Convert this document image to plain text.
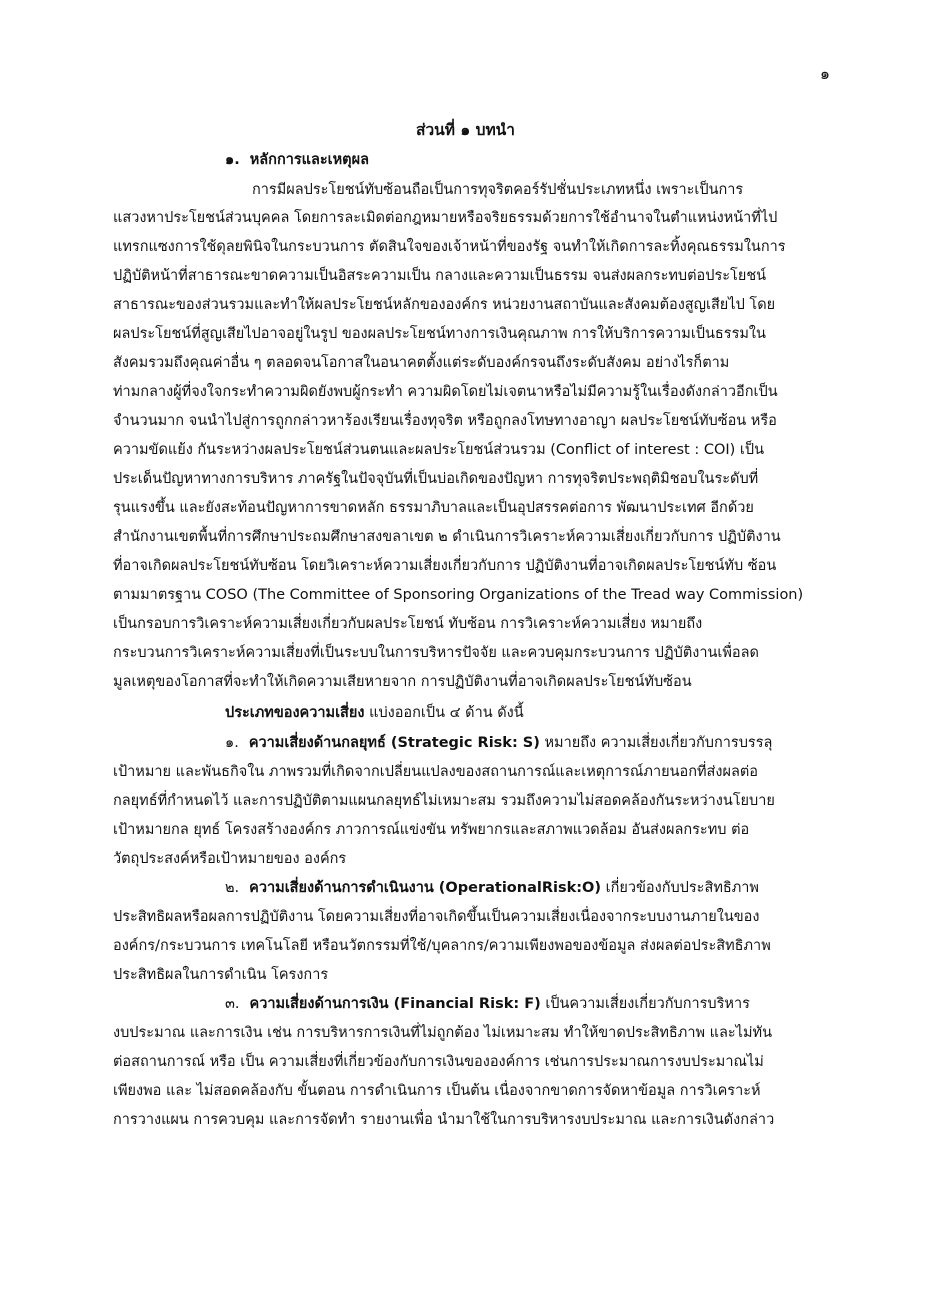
๑
ส่วนที่ ๑ บทนำ
๑. หลักการและเหตุผล
การมีผลประโยชน์ทับซ้อนถือเป็นการทุจริตคอร์รัปชั่นประเภทหนึ่ง เพราะเป็นการ
แสวงหาประโยชน์ส่วนบุคคล โดยการละเมิดต่อกฎหมายหรือจริยธรรมด้วยการใช้อำนาจในตำแหน่งหน้าที่ไป
แทรกแซงการใช้ดุลยพินิจในกระบวนการ ตัดสินใจของเจ้าหน้าที่ของรัฐ จนทำให้เกิดการละทิ้งคุณธรรมในการ
ปฏิบัติหน้าที่สาธารณะขาดความเป็นอิสระความเป็น กลางและความเป็นธรรม จนส่งผลกระทบต่อประโยชน์
สาธารณะของส่วนรวมและทำให้ผลประโยชน์หลักขององค์กร หน่วยงานสถาบันและสังคมต้องสูญเสียไป โดย
ผลประโยชน์ที่สูญเสียไปอาจอยู่ในรูป ของผลประโยชน์ทางการเงินคุณภาพ การให้บริการความเป็นธรรมใน
สังคมรวมถึงคุณค่าอื่น ๆ ตลอดจนโอกาสในอนาคตตั้งแต่ระดับองค์กรจนถึงระดับสังคม อย่างไรก็ตาม
ท่ามกลางผู้ที่จงใจกระทำความผิดยังพบผู้กระทำ ความผิดโดยไม่เจตนาหรือไม่มีความรู้ในเรื่องดังกล่าวอีกเป็น
จำนวนมาก จนนำไปสู่การถูกกล่าวหาร้องเรียนเรื่องทุจริต หรือถูกลงโทษทางอาญา ผลประโยชน์ทับซ้อน หรือ
ความขัดแย้ง กันระหว่างผลประโยชน์ส่วนตนและผลประโยชน์ส่วนรวม (Conflict of interest : COI) เป็น
ประเด็นปัญหาทางการบริหาร ภาครัฐในปัจจุบันที่เป็นบ่อเกิดของปัญหา การทุจริตประพฤติมิชอบในระดับที่
รุนแรงขึ้น และยังสะท้อนปัญหาการขาดหลัก ธรรมาภิบาลและเป็นอุปสรรคต่อการ พัฒนาประเทศ อีกด้วย
สำนักงานเขตพื้นที่การศึกษาประถมศึกษาสงขลาเขต ๒ ดำเนินการวิเคราะห์ความเสี่ยงเกี่ยวกับการ ปฏิบัติงาน
ที่อาจเกิดผลประโยชน์ทับซ้อน โดยวิเคราะห์ความเสี่ยงเกี่ยวกับการ ปฏิบัติงานที่อาจเกิดผลประโยชน์ทับ ซ้อน
ตามมาตรฐาน COSO (The Committee of Sponsoring Organizations of the Tread way Commission)
เป็นกรอบการวิเคราะห์ความเสี่ยงเกี่ยวกับผลประโยชน์ ทับซ้อน การวิเคราะห์ความเสี่ยง หมายถึง
กระบวนการวิเคราะห์ความเสี่ยงที่เป็นระบบในการบริหารปัจจัย และควบคุมกระบวนการ ปฏิบัติงานเพื่อลด
มูลเหตุของโอกาสที่จะทำให้เกิดความเสียหายจาก การปฏิบัติงานที่อาจเกิดผลประโยชน์ทับซ้อน
ประเภทของความเสี่ยง แบ่งออกเป็น ๔ ด้าน ดังนี้
๑. ความเสี่ยงด้านกลยุทธ์ (Strategic Risk: S) หมายถึง ความเสี่ยงเกี่ยวกับการบรรลุ
เป้าหมาย และพันธกิจใน ภาพรวมที่เกิดจากเปลี่ยนแปลงของสถานการณ์และเหตุการณ์ภายนอกที่ส่งผลต่อ
กลยุทธ์ที่กำหนดไว้ และการปฏิบัติตามแผนกลยุทธ์ไม่เหมาะสม รวมถึงความไม่สอดคล้องกันระหว่างนโยบาย
เป้าหมายกล ยุทธ์ โครงสร้างองค์กร ภาวการณ์แข่งขัน ทรัพยากรและสภาพแวดล้อม อันส่งผลกระทบ ต่อ
วัตถุประสงค์หรือเป้าหมายของ องค์กร
๒. ความเสี่ยงด้านการดำเนินงาน (OperationalRisk:O) เกี่ยวข้องกับประสิทธิภาพ
ประสิทธิผลหรือผลการปฏิบัติงาน โดยความเสี่ยงที่อาจเกิดขึ้นเป็นความเสี่ยงเนื่องจากระบบงานภายในของ
องค์กร/กระบวนการ เทคโนโลยี หรือนวัตกรรมที่ใช้/บุคลากร/ความเพียงพอของข้อมูล ส่งผลต่อประสิทธิภาพ
ประสิทธิผลในการดำเนิน โครงการ
๓. ความเสี่ยงด้านการเงิน (Financial Risk: F) เป็นความเสี่ยงเกี่ยวกับการบริหาร
งบประมาณ และการเงิน เช่น การบริหารการเงินที่ไม่ถูกต้อง ไม่เหมาะสม ทำให้ขาดประสิทธิภาพ และไม่ทัน
ต่อสถานการณ์ หรือ เป็น ความเสี่ยงที่เกี่ยวข้องกับการเงินขององค์การ เช่นการประมาณการงบประมาณไม่
เพียงพอ และ ไม่สอดคล้องกับ ขั้นตอน การดำเนินการ เป็นต้น เนื่องจากขาดการจัดหาข้อมูล การวิเคราะห์
การวางแผน การควบคุม และการจัดทำ รายงานเพื่อ นำมาใช้ในการบริหารงบประมาณ และการเงินดังกล่าว
